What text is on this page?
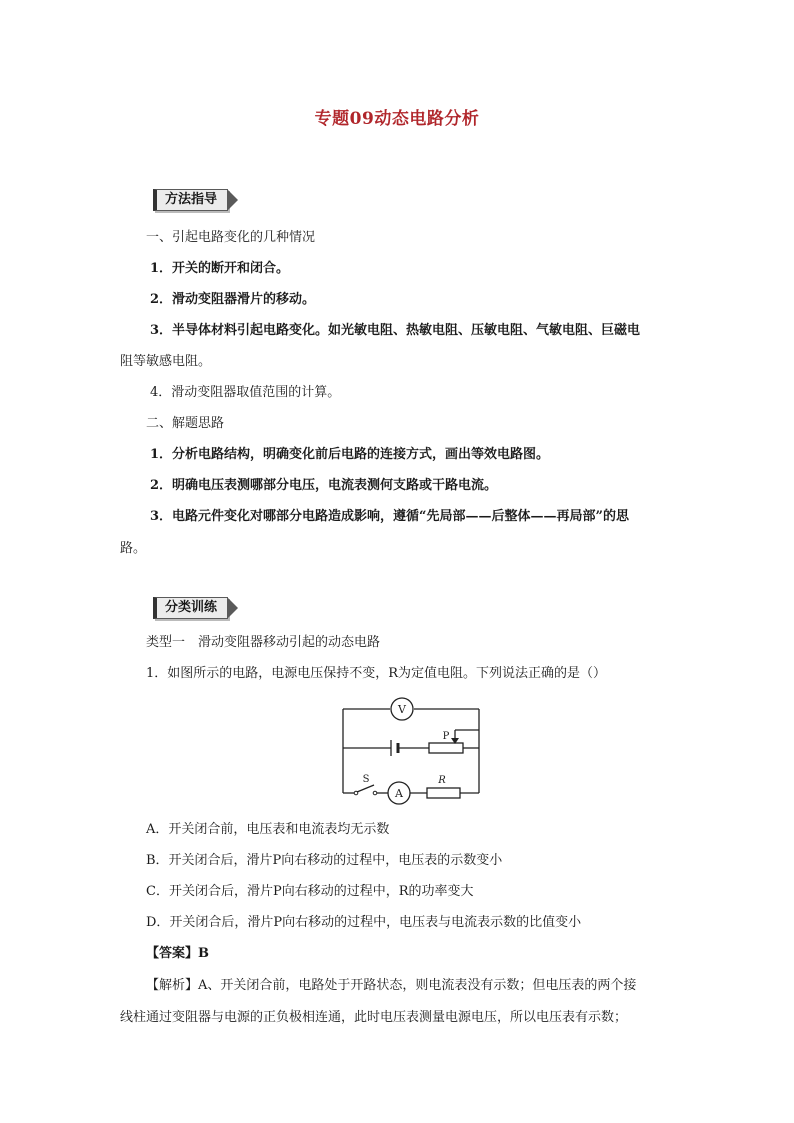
专题09动态电路分析
方法指导
一、引起电路变化的几种情况
1．开关的断开和闭合。
2．滑动变阻器滑片的移动。
3．半导体材料引起电路变化。如光敏电阻、热敏电阻、压敏电阻、气敏电阻、巨磁电
阻等敏感电阻。
4．滑动变阻器取值范围的计算。
二、解题思路
1．分析电路结构，明确变化前后电路的连接方式，画出等效电路图。
2．明确电压表测哪部分电压，电流表测何支路或干路电流。
3．电路元件变化对哪部分电路造成影响，遵循“先局部——后整体——再局部”的思
路。
分类训练
类型一　滑动变阻器移动引起的动态电路
1．如图所示的电路，电源电压保持不变，R为定值电阻。下列说法正确的是（）
V
P
S
A
R
A．开关闭合前，电压表和电流表均无示数
B．开关闭合后，滑片P向右移动的过程中，电压表的示数变小
C．开关闭合后，滑片P向右移动的过程中，R的功率变大
D．开关闭合后，滑片P向右移动的过程中，电压表与电流表示数的比值变小
【答案】B
【解析】A、开关闭合前，电路处于开路状态，则电流表没有示数；但电压表的两个接
线柱通过变阻器与电源的正负极相连通，此时电压表测量电源电压，所以电压表有示数；
